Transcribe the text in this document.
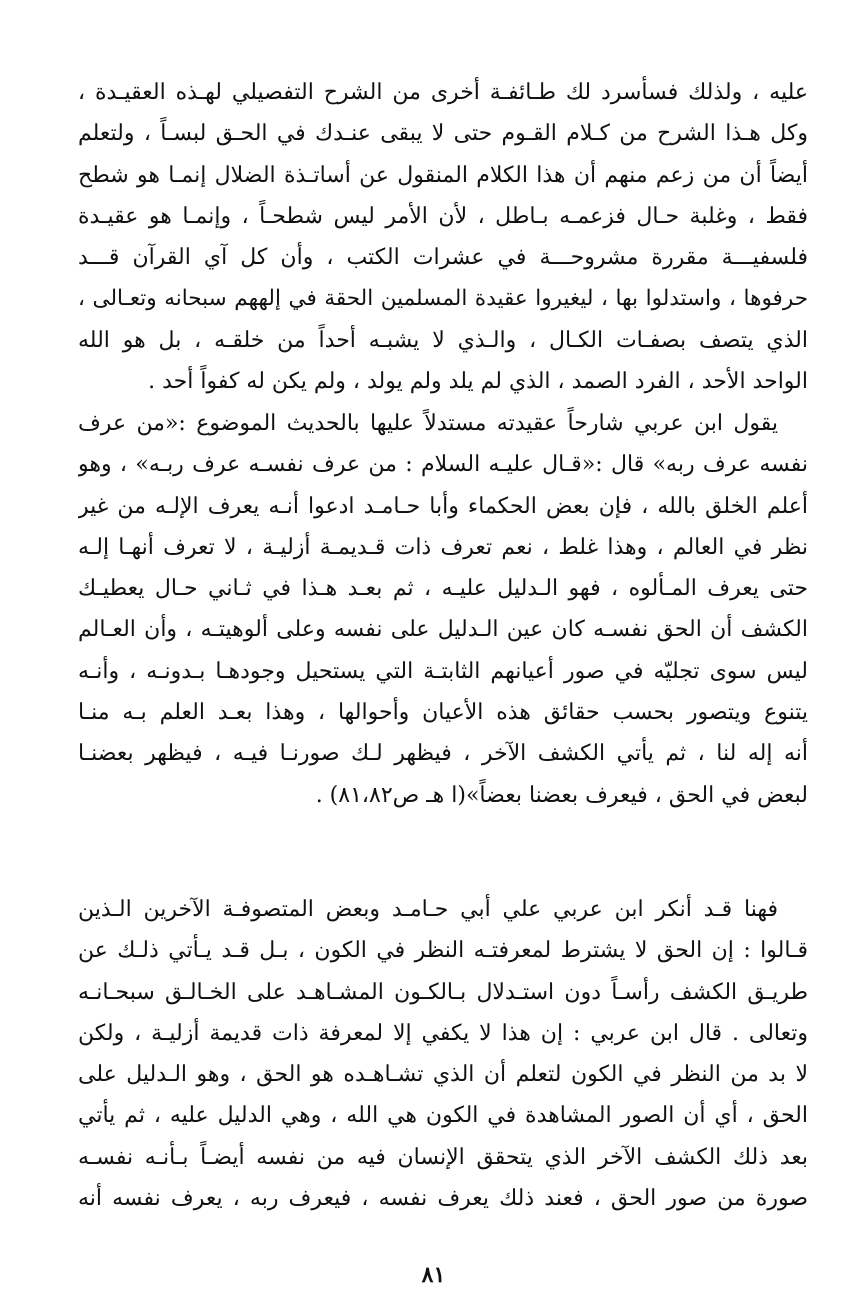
عليه ، ولذلك فسأسرد لك طـائفـة أخرى من الشرح التفصيلي لهـذه العقيـدة ،
وكل هـذا الشرح من كـلام القـوم حتى لا يبقى عنـدك في الحـق لبسـاً ، ولتعلم
أيضاً أن من زعم منهم أن هذا الكلام المنقول عن أساتـذة الضلال إنمـا هو شطح
فقط ، وغلبة حـال فزعمـه بـاطل ، لأن الأمر ليس شطحـاً ، وإنمـا هو عقيـدة
فلسفيـــة مقررة مشروحـــة في عشرات الكتب ، وأن كل آي القرآن قـــد
حرفوها ، واستدلوا بها ، ليغيروا عقيدة المسلمين الحقة في إلههم سبحانه وتعـالى ،
الذي يتصف بصفـات الكـال ، والـذي لا يشبـه أحداً من خلقـه ، بل هو الله
الواحد الأحد ، الفرد الصمد ، الذي لم يلد ولم يولد ، ولم يكن له كفواً أحد .
يقول ابن عربي شارحاً عقيدته مستدلاً عليها بالحديث الموضوع :«من عرف
نفسه عرف ربه» قال :«قـال عليـه السلام : من عرف نفسـه عرف ربـه» ، وهو
أعلم الخلق بالله ، فإن بعض الحكماء وأبا حـامـد ادعوا أنـه يعرف الإلـه من غير
نظر في العالم ، وهذا غلط ، نعم تعرف ذات قـديمـة أزليـة ، لا تعرف أنهـا إلـه
حتى يعرف المـألوه ، فهو الـدليل عليـه ، ثم بعـد هـذا في ثـاني حـال يعطيـك
الكشف أن الحق نفسـه كان عين الـدليل على نفسه وعلى ألوهيتـه ، وأن العـالم
ليس سوى تجليّه في صور أعيانهم الثابتـة التي يستحيل وجودهـا بـدونـه ، وأنـه
يتنوع ويتصور بحسب حقائق هذه الأعيان وأحوالها ، وهذا بعـد العلم بـه منـا
أنه إله لنا ، ثم يأتي الكشف الآخر ، فيظهر لـك صورنـا فيـه ، فيظهر بعضنـا
لبعض في الحق ، فيعرف بعضنا بعضاً»(ا هـ ص٨١،٨٢) .
فهنا قـد أنكر ابن عربي علي أبي حـامـد وبعض المتصوفـة الآخرين الـذين
قـالوا : إن الحق لا يشترط لمعرفتـه النظر في الكون ، بـل قـد يـأتي ذلـك عن
طريـق الكشف رأسـاً دون استـدلال بـالكـون المشـاهـد على الخـالـق سبحـانـه
وتعالى . قال ابن عربي : إن هذا لا يكفي إلا لمعرفة ذات قديمة أزليـة ، ولكن
لا بد من النظر في الكون لتعلم أن الذي تشـاهـده هو الحق ، وهو الـدليل على
الحق ، أي أن الصور المشاهدة في الكون هي الله ، وهي الدليل عليه ، ثم يأتي
بعد ذلك الكشف الآخر الذي يتحقق الإنسان فيه من نفسه أيضـاً بـأنـه نفسـه
صورة من صور الحق ، فعند ذلك يعرف نفسه ، فيعرف ربه ، يعرف نفسه أنه
٨١
